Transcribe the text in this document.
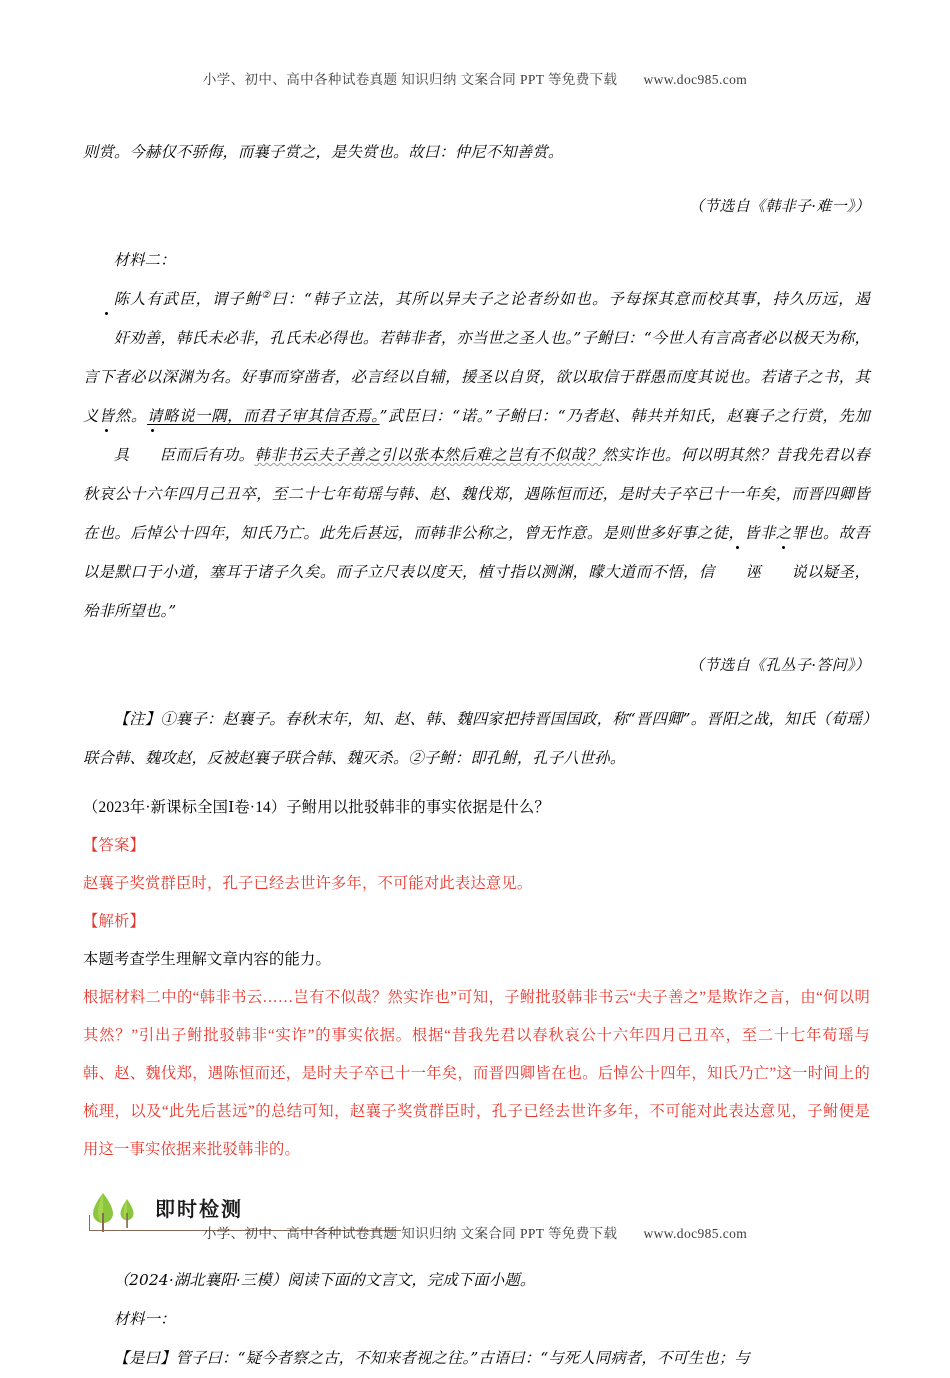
小学、初中、高中各种试卷真题 知识归纳 文案合同 PPT 等免费下载 www.doc985.com

则赏。今赫仅不骄侮，而襄子赏之，是失赏也。故曰：仲尼不知善赏。

（节选自《韩非子·难一》）

材料二：

陈人有武臣，谓子鲋②曰：“韩子立法，其所以异夫子之论者纷如也。予每探其意而校其事，持久历远，遏奸劝善，韩氏未必非，孔氏未必得也。若韩非者，亦当世之圣人也。”子鲋曰：“今世人有言高者必以极天为称，言下者必以深渊为名。好事而穿凿者，必言经以自辅，援圣以自贤，欲以取信于群愚而度其说也。若诸子之书，其义皆然。请略说一隅，而君子审其信否焉。”武臣曰：“诺。”子鲋曰：“乃者赵、韩共并知氏，赵襄子之行赏，先加具 臣而后有功。韩非书云夫子善之引以张本然后难之岂有不似哉？然实诈也。何以明其然？昔我先君以春秋哀公十六年四月己丑卒，至二十七年荀瑶与韩、赵、魏伐郑，遇陈恒而还，是时夫子卒已十一年矣，而晋四卿皆在也。后悼公十四年，知氏乃亡。此先后甚远，而韩非公称之，曾无怍意。是则世多好事之徒，皆非之罪也。故吾以是默口于小道，塞耳于诸子久矣。而子立尺表以度天，植寸指以测渊，矇大道而不悟，信 诬 说以疑圣，殆非所望也。”

（节选自《孔丛子·答问》）

【注】①襄子：赵襄子。春秋末年，知、赵、韩、魏四家把持晋国国政，称“晋四卿”。晋阳之战，知氏（荀瑶）联合韩、魏攻赵，反被赵襄子联合韩、魏灭杀。②子鲋：即孔鲋，孔子八世孙。

（2023年·新课标全国Ⅰ卷·14）子鲋用以批驳韩非的事实依据是什么？

【答案】

赵襄子奖赏群臣时，孔子已经去世许多年，不可能对此表达意见。

【解析】

本题考查学生理解文章内容的能力。

根据材料二中的“韩非书云……岂有不似哉？然实诈也”可知，子鲋批驳韩非书云“夫子善之”是欺诈之言，由“何以明其然？”引出子鲋批驳韩非“实诈”的事实依据。根据“昔我先君以春秋哀公十六年四月己丑卒，至二十七年荀瑶与韩、赵、魏伐郑，遇陈恒而还，是时夫子卒已十一年矣，而晋四卿皆在也。后悼公十四年，知氏乃亡”这一时间上的梳理，以及“此先后甚远”的总结可知，赵襄子奖赏群臣时，孔子已经去世许多年，不可能对此表达意见，子鲋便是用这一事实依据来批驳韩非的。

即时检测

（2024·湖北襄阳·三模）阅读下面的文言文，完成下面小题。

材料一：

【是曰】管子曰：“疑今者察之古，不知来者视之往。”古语曰：“与死人同病者，不可生也；与

小学、初中、高中各种试卷真题 知识归纳 文案合同 PPT 等免费下载 www.doc985.com
